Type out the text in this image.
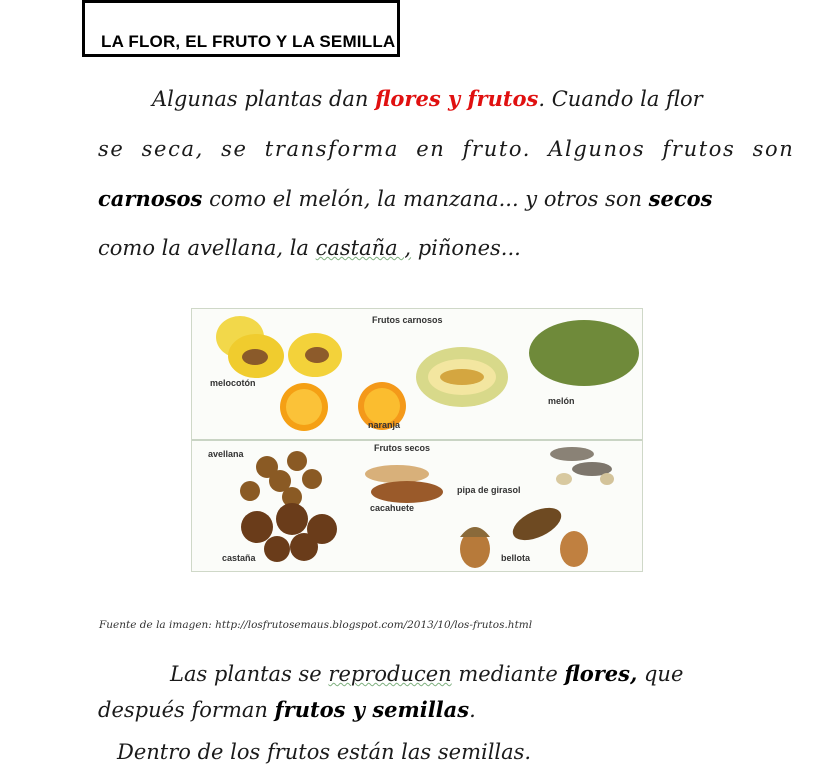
LA FLOR, EL FRUTO Y LA SEMILLA
Algunas plantas dan flores y frutos. Cuando la flor
se seca, se transforma en fruto. Algunos frutos son
carnosos como el melón, la manzana... y otros son secos
como la avellana, la castaña , piñones...
Frutos carnosos
Frutos secos
melocotón
naranja
melón
avellana
cacahuete
pipa de girasol
castaña	bellota
Fuente de la imagen: http://losfrutosemaus.blogspot.com/2013/10/los-frutos.html
Las plantas se reproducen mediante flores, que
después forman frutos y semillas.
Dentro de los frutos están las semillas.
